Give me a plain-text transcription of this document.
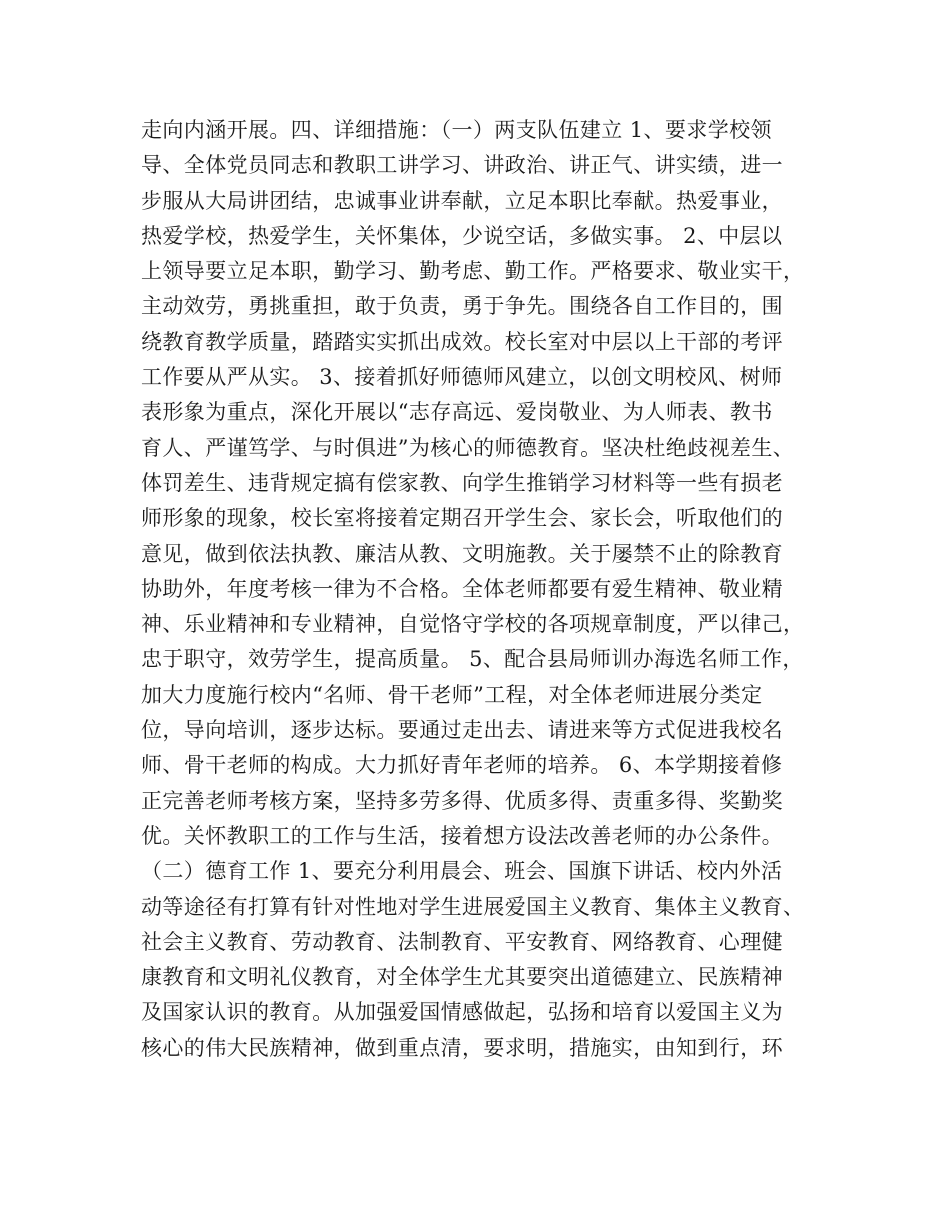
走向内涵开展。四、详细措施：（一）两支队伍建立 1、要求学校领
导、全体党员同志和教职工讲学习、讲政治、讲正气、讲实绩，进一
步服从大局讲团结，忠诚事业讲奉献，立足本职比奉献。热爱事业，
热爱学校，热爱学生，关怀集体，少说空话，多做实事。 2、中层以
上领导要立足本职，勤学习、勤考虑、勤工作。严格要求、敬业实干，
主动效劳，勇挑重担，敢于负责，勇于争先。围绕各自工作目的，围
绕教育教学质量，踏踏实实抓出成效。校长室对中层以上干部的考评
工作要从严从实。 3、接着抓好师德师风建立，以创文明校风、树师
表形象为重点，深化开展以“志存高远、爱岗敬业、为人师表、教书
育人、严谨笃学、与时俱进”为核心的师德教育。坚决杜绝歧视差生、
体罚差生、违背规定搞有偿家教、向学生推销学习材料等一些有损老
师形象的现象，校长室将接着定期召开学生会、家长会，听取他们的
意见，做到依法执教、廉洁从教、文明施教。关于屡禁不止的除教育
协助外，年度考核一律为不合格。全体老师都要有爱生精神、敬业精
神、乐业精神和专业精神，自觉恪守学校的各项规章制度，严以律己，
忠于职守，效劳学生，提高质量。 5、配合县局师训办海选名师工作，
加大力度施行校内“名师、骨干老师”工程，对全体老师进展分类定
位，导向培训，逐步达标。要通过走出去、请进来等方式促进我校名
师、骨干老师的构成。大力抓好青年老师的培养。 6、本学期接着修
正完善老师考核方案，坚持多劳多得、优质多得、责重多得、奖勤奖
优。关怀教职工的工作与生活，接着想方设法改善老师的办公条件。
（二）德育工作 1、要充分利用晨会、班会、国旗下讲话、校内外活
动等途径有打算有针对性地对学生进展爱国主义教育、集体主义教育、
社会主义教育、劳动教育、法制教育、平安教育、网络教育、心理健
康教育和文明礼仪教育，对全体学生尤其要突出道德建立、民族精神
及国家认识的教育。从加强爱国情感做起，弘扬和培育以爱国主义为
核心的伟大民族精神，做到重点清，要求明，措施实，由知到行，环
